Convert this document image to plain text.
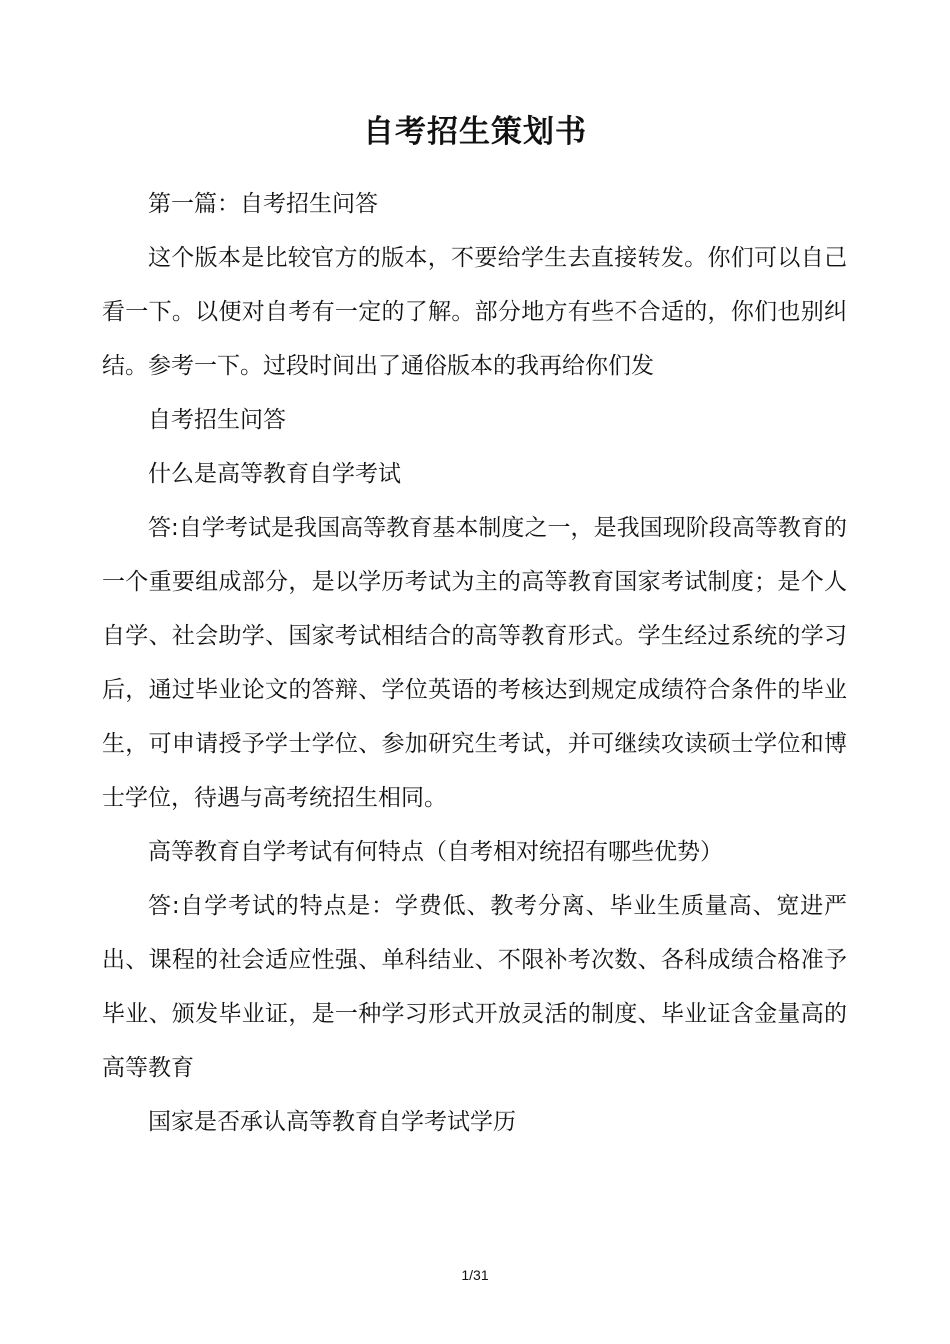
自考招生策划书

第一篇：自考招生问答

这个版本是比较官方的版本，不要给学生去直接转发。你们可以自己看一下。以便对自考有一定的了解。部分地方有些不合适的，你们也别纠结。参考一下。过段时间出了通俗版本的我再给你们发

自考招生问答

什么是高等教育自学考试

答:自学考试是我国高等教育基本制度之一，是我国现阶段高等教育的一个重要组成部分，是以学历考试为主的高等教育国家考试制度；是个人自学、社会助学、国家考试相结合的高等教育形式。学生经过系统的学习后，通过毕业论文的答辩、学位英语的考核达到规定成绩符合条件的毕业生，可申请授予学士学位、参加研究生考试，并可继续攻读硕士学位和博士学位，待遇与高考统招生相同。

高等教育自学考试有何特点（自考相对统招有哪些优势）

答:自学考试的特点是：学费低、教考分离、毕业生质量高、宽进严出、课程的社会适应性强、单科结业、不限补考次数、各科成绩合格准予毕业、颁发毕业证，是一种学习形式开放灵活的制度、毕业证含金量高的高等教育

国家是否承认高等教育自学考试学历

1/31
